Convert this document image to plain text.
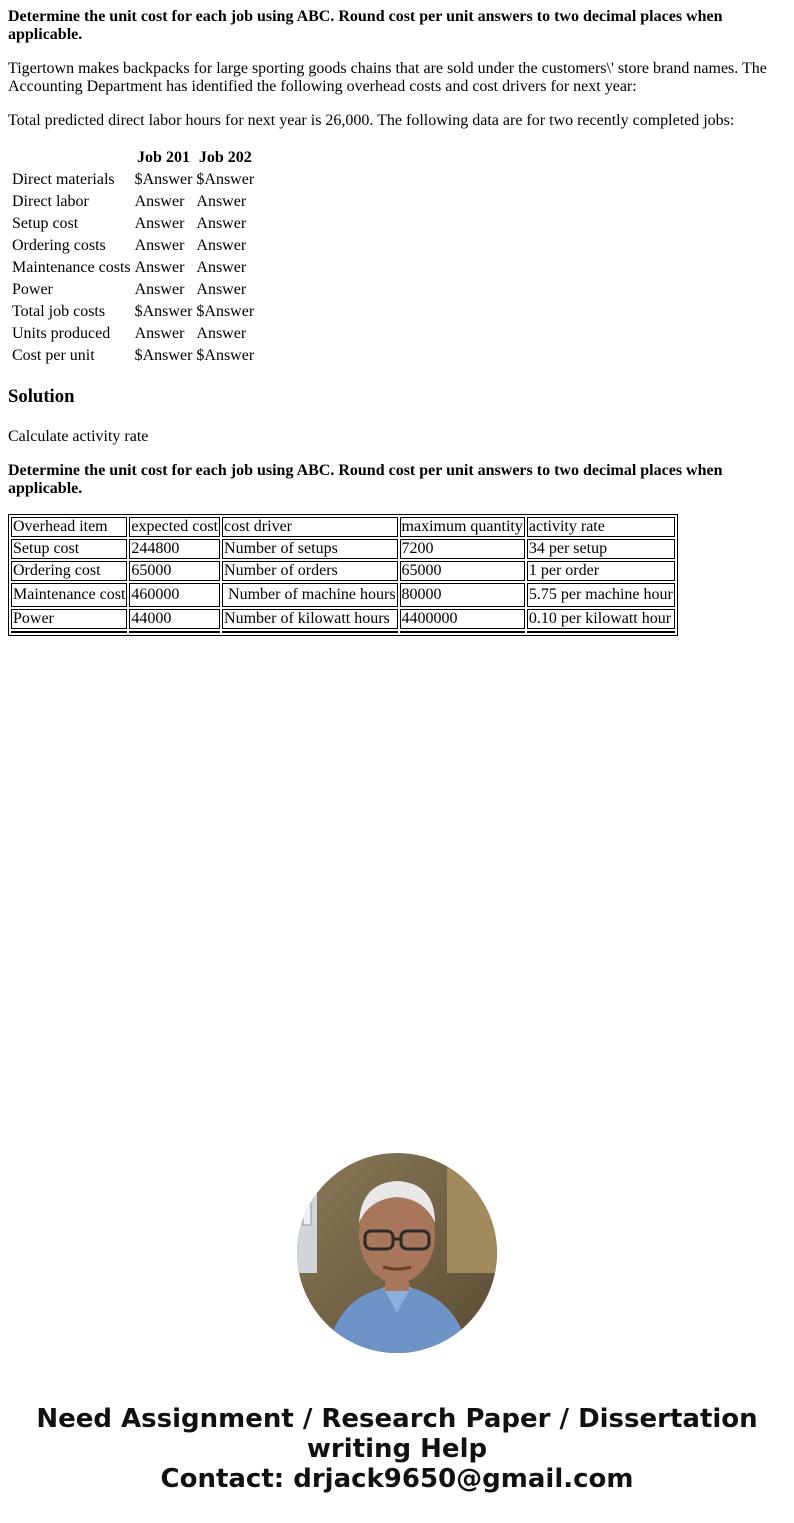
Determine the unit cost for each job using ABC. Round cost per unit answers to two decimal places when applicable.

Tigertown makes backpacks for large sporting goods chains that are sold under the customers\' store brand names. The Accounting Department has identified the following overhead costs and cost drivers for next year:

Total predicted direct labor hours for next year is 26,000. The following data are for two recently completed jobs:

	Job 201	Job 202
Direct materials	$Answer	$Answer
Direct labor	Answer	Answer
Setup cost	Answer	Answer
Ordering costs	Answer	Answer
Maintenance costs	Answer	Answer
Power	Answer	Answer
Total job costs	$Answer	$Answer
Units produced	Answer	Answer
Cost per unit	$Answer	$Answer
Solution

Calculate activity rate

Determine the unit cost for each job using ABC. Round cost per unit answers to two decimal places when applicable.

Overhead item	expected cost	cost driver	maximum quantity	activity rate
Setup cost	244800	Number of setups	7200	34 per setup
Ordering cost	65000	Number of orders	65000	1 per order
Maintenance cost	460000	Number of machine hours	80000	5.75 per machine hour
Power	44000	Number of kilowatt hours	4400000	0.10 per kilowatt hour

Need Assignment / Research Paper / Dissertation
writing Help
Contact: drjack9650@gmail.com
